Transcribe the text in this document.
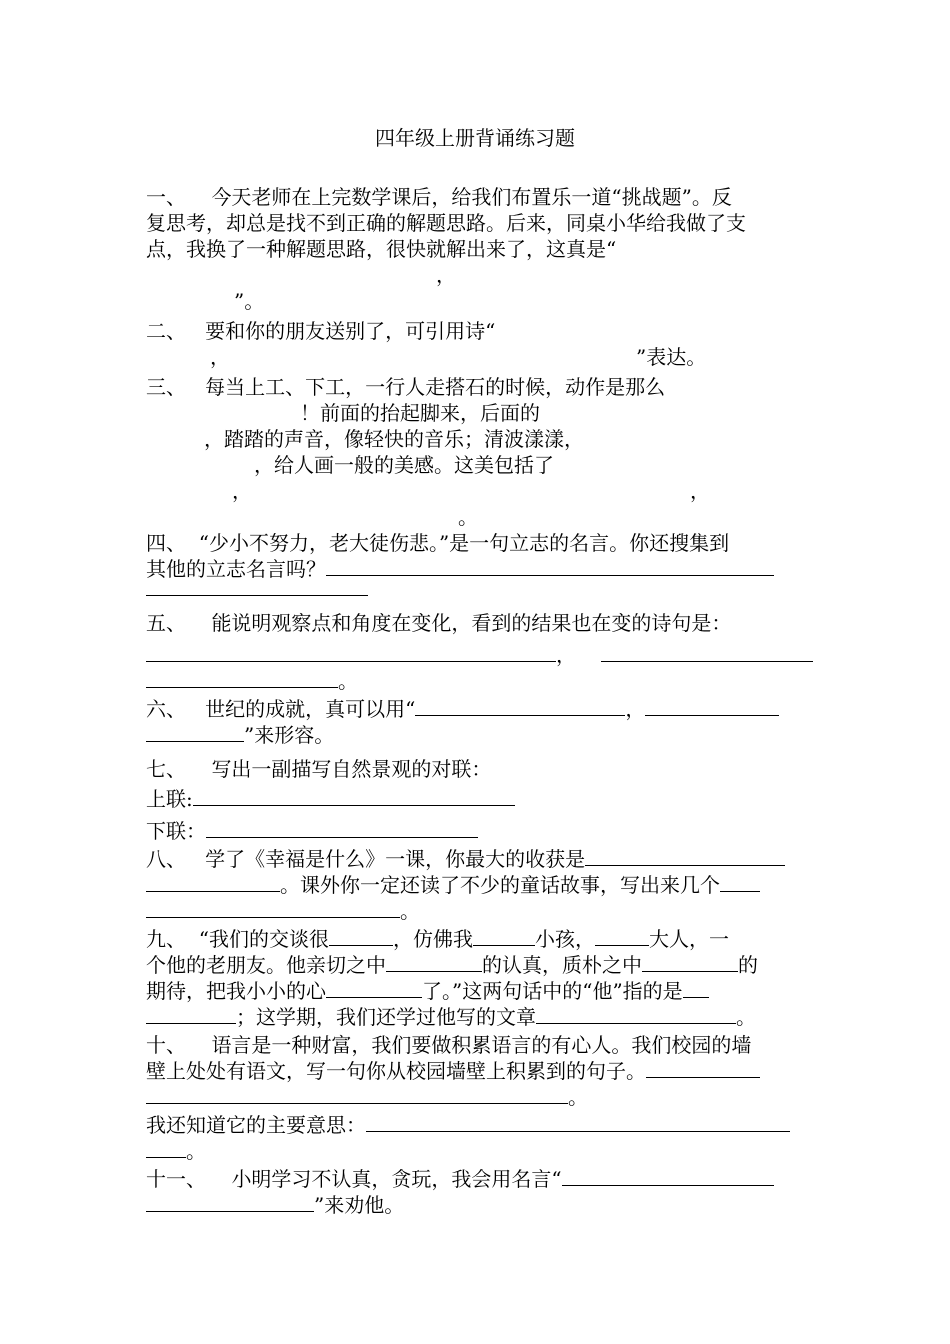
四年级上册背诵练习题
一、 今天老师在上完数学课后，给我们布置乐一道“挑战题”。反
复思考，却总是找不到正确的解题思路。后来，同桌小华给我做了支
点，我换了一种解题思路，很快就解出来了，这真是“
，
”。
二、 要和你的朋友送别了，可引用诗“
，	”表达。
三、 每当上工、下工，一行人走搭石的时候，动作是那么
！前面的抬起脚来，后面的
，踏踏的声音，像轻快的音乐；清波漾漾，
，给人画一般的美感。这美包括了
，	，
。
四、 “少小不努力，老大徒伤悲。”是一句立志的名言。你还搜集到
其他的立志名言吗？
五、 能说明观察点和角度在变化，看到的结果也在变的诗句是：
，
。
六、 世纪的成就，真可以用“	，
”来形容。
七、 写出一副描写自然景观的对联：
上联:
下联：
八、 学了《幸福是什么》一课，你最大的收获是
。课外你一定还读了不少的童话故事，写出来几个
。
九、 “我们的交谈很	，仿佛我	小孩，	大人，一
个他的老朋友。他亲切之中	的认真，质朴之中	的
期待，把我小小的心	了。”这两句话中的“他”指的是
；这学期，我们还学过他写的文章	。
十、 语言是一种财富，我们要做积累语言的有心人。我们校园的墙
壁上处处有语文，写一句你从校园墙壁上积累到的句子。
。
我还知道它的主要意思：
。
十一、 小明学习不认真，贪玩，我会用名言“
”来劝他。
